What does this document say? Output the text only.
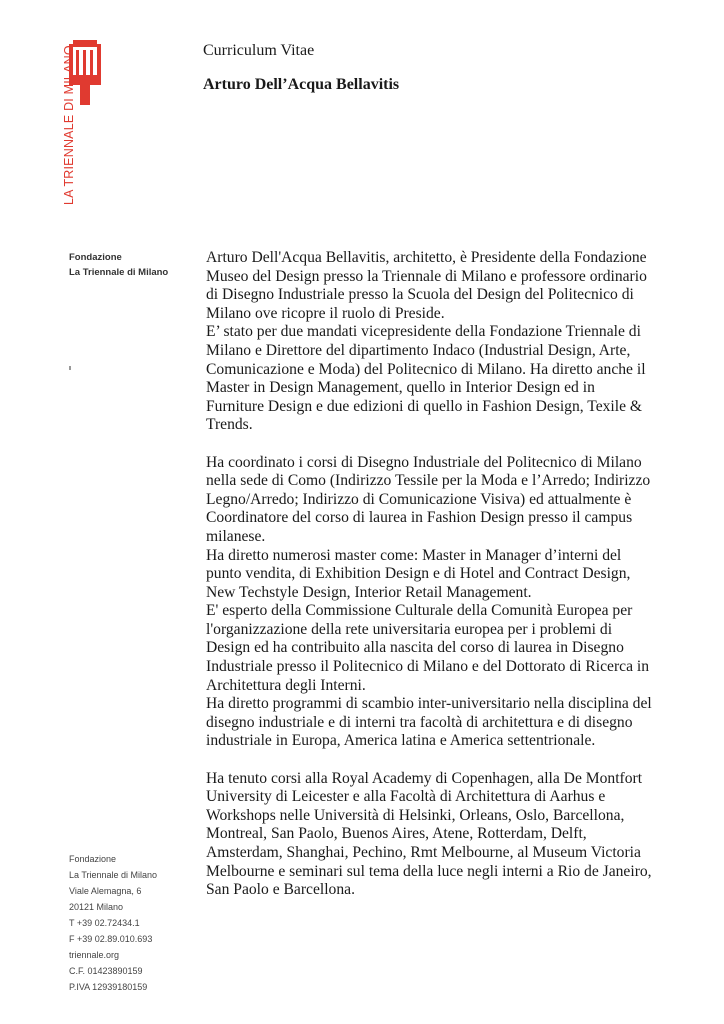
LA TRIENNALE DI MILANO
Fondazione
La Triennale di Milano
Curriculum Vitae
Arturo Dell’Acqua Bellavitis

Arturo Dell'Acqua Bellavitis, architetto, è Presidente della Fondazione Museo del Design presso la Triennale di Milano e professore ordinario di Disegno Industriale presso la Scuola del Design del Politecnico di Milano ove ricopre il ruolo di Preside.

E’ stato per due mandati vicepresidente della Fondazione Triennale di Milano e Direttore del dipartimento Indaco (Industrial Design, Arte, Comunicazione e Moda) del Politecnico di Milano. Ha diretto anche il Master in Design Management, quello in Interior Design ed in Furniture Design e due edizioni di quello in Fashion Design, Texile & Trends.

Ha coordinato i corsi di Disegno Industriale del Politecnico di Milano nella sede di Como (Indirizzo Tessile per la Moda e l’Arredo; Indirizzo Legno/Arredo; Indirizzo di Comunicazione Visiva) ed attualmente è Coordinatore del corso di laurea in Fashion Design presso il campus milanese.

Ha diretto numerosi master come: Master in Manager d’interni del punto vendita, di Exhibition Design e di Hotel and Contract Design, New Techstyle Design, Interior Retail Management.

E' esperto della Commissione Culturale della Comunità Europea per l'organizzazione della rete universitaria europea per i problemi di Design ed ha contribuito alla nascita del corso di laurea in Disegno Industriale presso il Politecnico di Milano e del Dottorato di Ricerca in Architettura degli Interni.

Ha diretto programmi di scambio inter-universitario nella disciplina del disegno industriale e di interni tra facoltà di architettura e di disegno industriale in Europa, America latina e America settentrionale.

Ha tenuto corsi alla Royal Academy di Copenhagen, alla De Montfort University di Leicester e alla Facoltà di Architettura di Aarhus e Workshops nelle Università di Helsinki, Orleans, Oslo, Barcellona, Montreal, San Paolo, Buenos Aires, Atene, Rotterdam, Delft, Amsterdam, Shanghai, Pechino, Rmt Melbourne, al Museum Victoria Melbourne e seminari sul tema della luce negli interni a Rio de Janeiro, San Paolo e Barcellona.

Fondazione
La Triennale di Milano
Viale Alemagna, 6
20121 Milano
T +39 02.72434.1
F +39 02.89.010.693
triennale.org
C.F. 01423890159
P.IVA 12939180159
